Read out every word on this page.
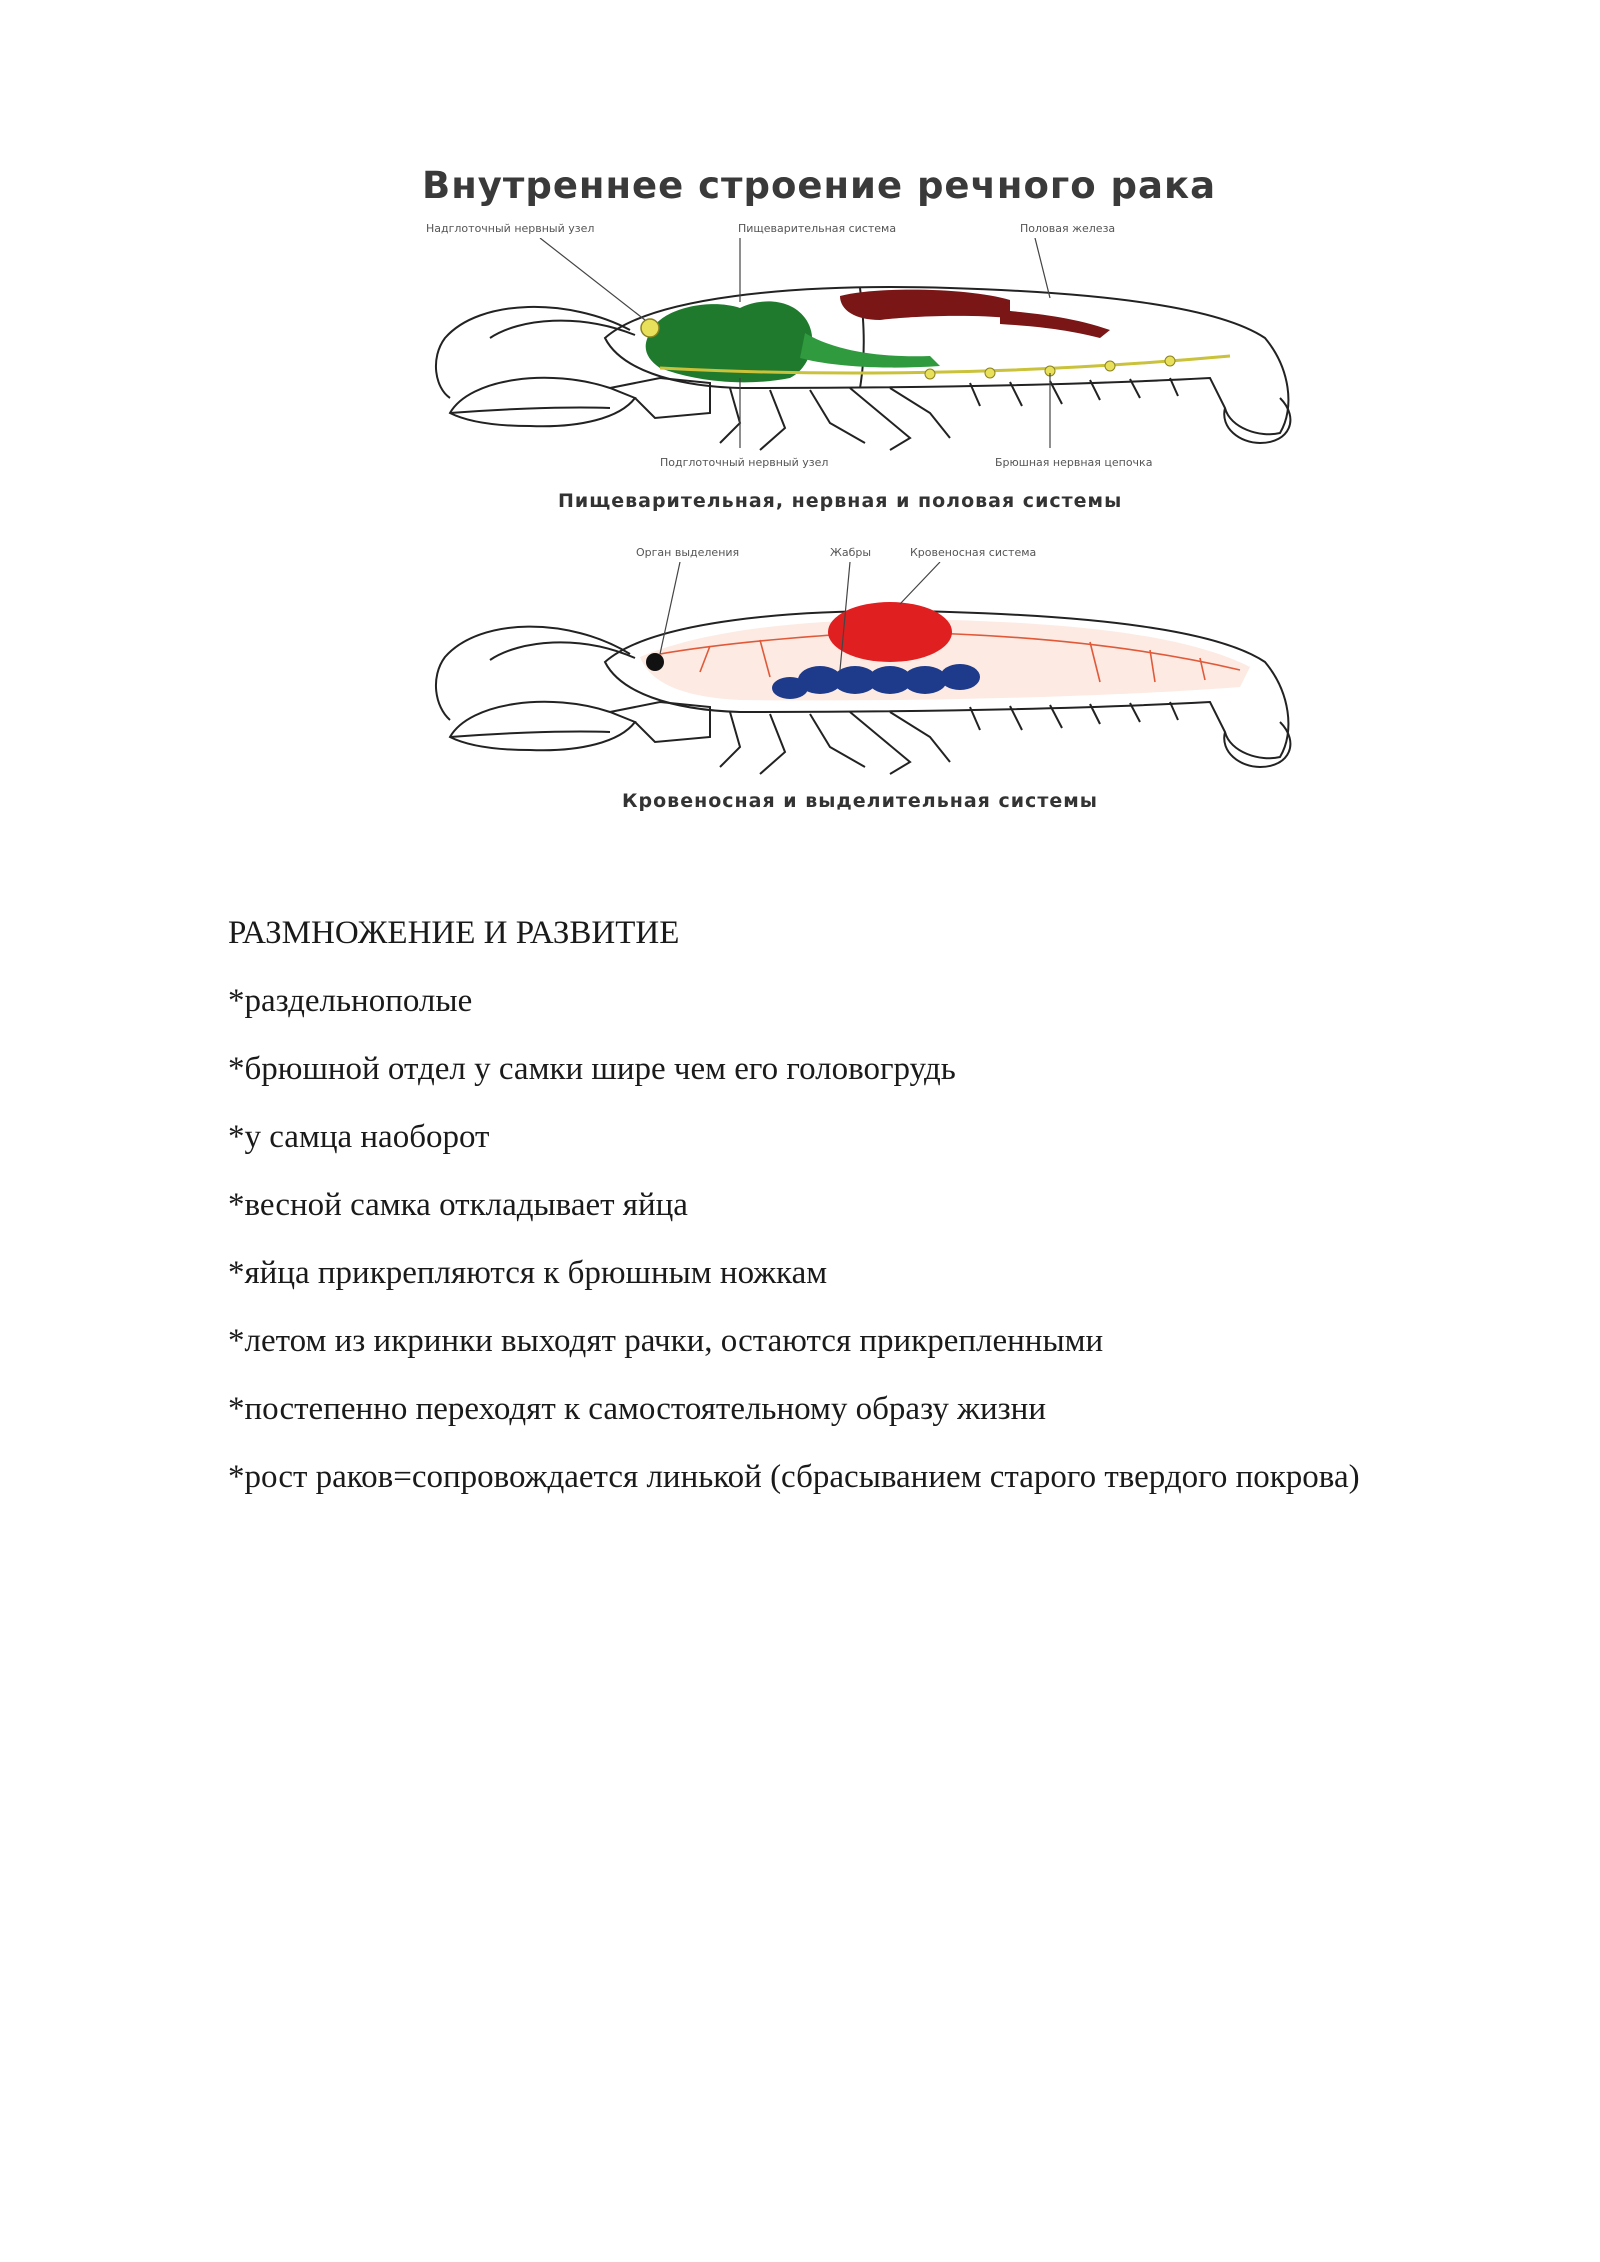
Внутреннее строение речного рака
Надглоточный нервный узел	Пищеварительная система	Половая железа
Подглоточный нервный узел	Брюшная нервная цепочка
Пищеварительная, нервная и половая системы
Орган выделения	Жабры	Кровеносная система
Кровеносная и выделительная системы

РАЗМНОЖЕНИЕ И РАЗВИТИЕ

*раздельнополые

*брюшной отдел у самки шире чем его головогрудь

*у самца наоборот

*весной самка откладывает яйца

*яйца прикрепляются к брюшным ножкам

*летом из икринки выходят рачки, остаются прикрепленными

*постепенно переходят к самостоятельному образу жизни

*рост раков=сопровождается линькой (сбрасыванием старого твердого покрова)
